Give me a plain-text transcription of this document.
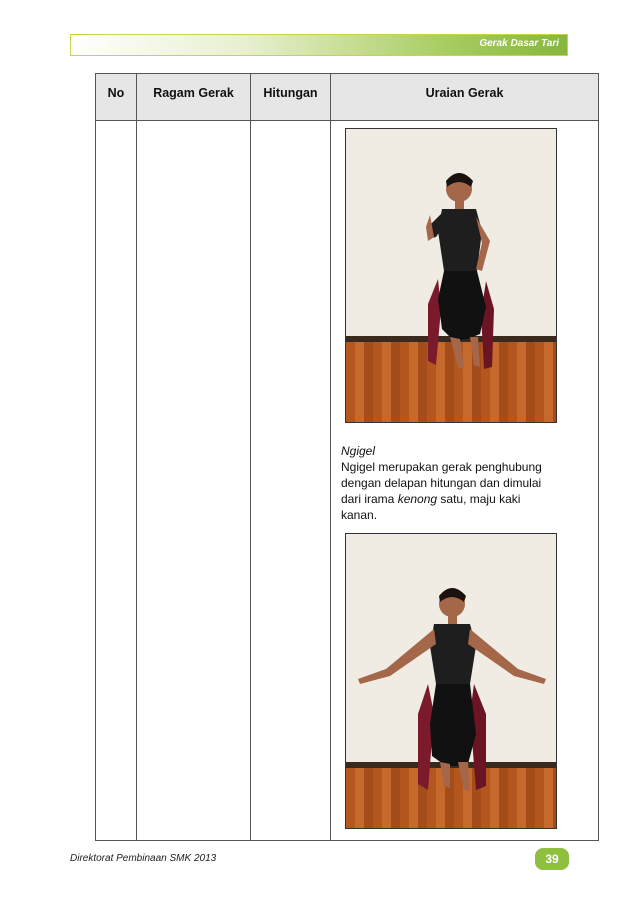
Gerak Dasar Tari
No	Ragam Gerak	Hitungan	Uraian Gerak

			Ngigel
Ngigel merupakan gerak penghubung
dengan delapan hitungan dan dimulai
dari irama kenong satu, maju kaki
kanan.
Direktorat Pembinaan SMK 2013	39
